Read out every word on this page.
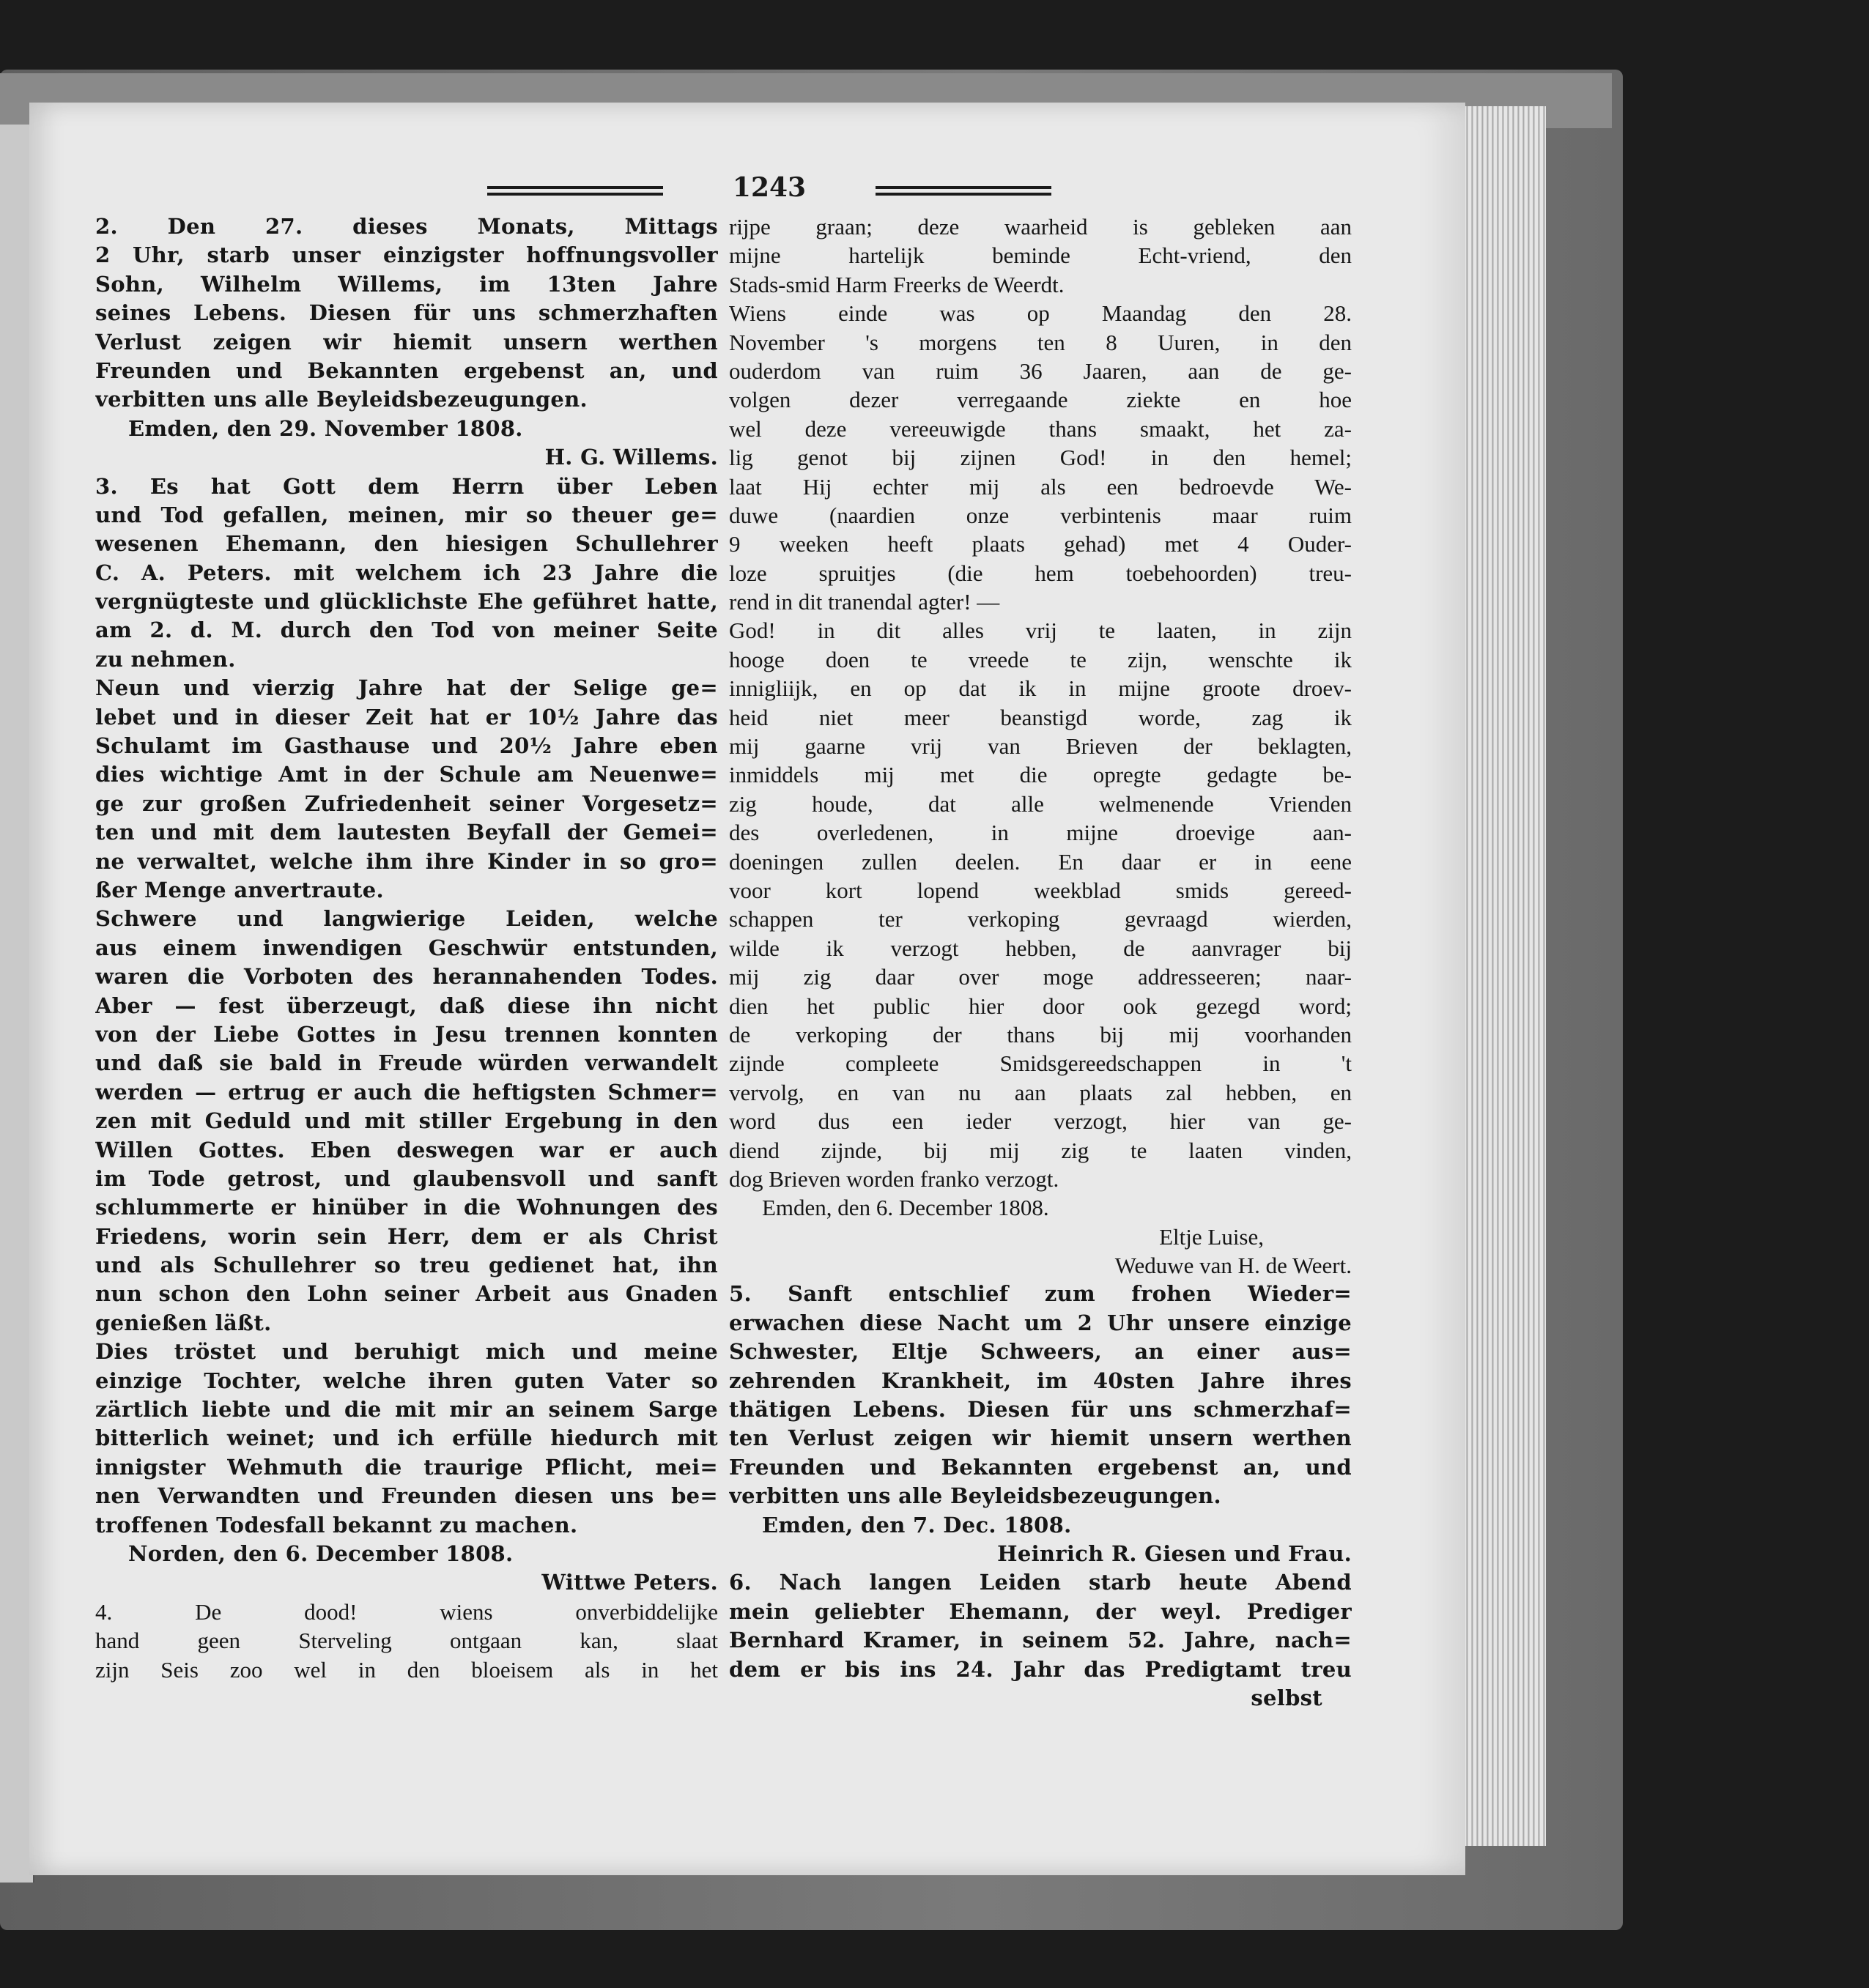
1243
2. Den 27. dieses Monats, Mittags
2 Uhr, starb unser einzigster hoffnungsvoller
Sohn, Wilhelm Willems, im 13ten Jahre
seines Lebens. Diesen für uns schmerzhaften
Verlust zeigen wir hiemit unsern werthen
Freunden und Bekannten ergebenst an, und
verbitten uns alle Beyleidsbezeugungen.
Emden, den 29. November 1808.
H. G. Willems.
3. Es hat Gott dem Herrn über Leben
und Tod gefallen, meinen, mir so theuer ge=
wesenen Ehemann, den hiesigen Schullehrer
C. A. Peters. mit welchem ich 23 Jahre die
vergnügteste und glücklichste Ehe geführet hatte,
am 2. d. M. durch den Tod von meiner Seite
zu nehmen.
Neun und vierzig Jahre hat der Selige ge=
lebet und in dieser Zeit hat er 10½ Jahre das
Schulamt im Gasthause und 20½ Jahre eben
dies wichtige Amt in der Schule am Neuenwe=
ge zur großen Zufriedenheit seiner Vorgesetz=
ten und mit dem lautesten Beyfall der Gemei=
ne verwaltet, welche ihm ihre Kinder in so gro=
ßer Menge anvertraute.
Schwere und langwierige Leiden, welche
aus einem inwendigen Geschwür entstunden,
waren die Vorboten des herannahenden Todes.
Aber — fest überzeugt, daß diese ihn nicht
von der Liebe Gottes in Jesu trennen konnten
und daß sie bald in Freude würden verwandelt
werden — ertrug er auch die heftigsten Schmer=
zen mit Geduld und mit stiller Ergebung in den
Willen Gottes. Eben deswegen war er auch
im Tode getrost, und glaubensvoll und sanft
schlummerte er hinüber in die Wohnungen des
Friedens, worin sein Herr, dem er als Christ
und als Schullehrer so treu gedienet hat, ihn
nun schon den Lohn seiner Arbeit aus Gnaden
genießen läßt.
Dies tröstet und beruhigt mich und meine
einzige Tochter, welche ihren guten Vater so
zärtlich liebte und die mit mir an seinem Sarge
bitterlich weinet; und ich erfülle hiedurch mit
innigster Wehmuth die traurige Pflicht, mei=
nen Verwandten und Freunden diesen uns be=
troffenen Todesfall bekannt zu machen.
Norden, den 6. December 1808.
Wittwe Peters.
4. De dood! wiens onverbiddelijke
hand geen Sterveling ontgaan kan, slaat
zijn Seis zoo wel in den bloeisem als in het
rijpe graan; deze waarheid is gebleken aan
mijne hartelijk beminde Echt-vriend, den
Stads-smid Harm Freerks de Weerdt.
Wiens einde was op Maandag den 28.
November 's morgens ten 8 Uuren, in den
ouderdom van ruim 36 Jaaren, aan de ge-
volgen dezer verregaande ziekte en hoe
wel deze vereeuwigde thans smaakt, het za-
lig genot bij zijnen God! in den hemel;
laat Hij echter mij als een bedroevde We-
duwe (naardien onze verbintenis maar ruim
9 weeken heeft plaats gehad) met 4 Ouder-
loze spruitjes (die hem toebehoorden) treu-
rend in dit tranendal agter! —
God! in dit alles vrij te laaten, in zijn
hooge doen te vreede te zijn, wenschte ik
innigliijk, en op dat ik in mijne groote droev-
heid niet meer beanstigd worde, zag ik
mij gaarne vrij van Brieven der beklagten,
inmiddels mij met die opregte gedagte be-
zig houde, dat alle welmenende Vrienden
des overledenen, in mijne droevige aan-
doeningen zullen deelen. En daar er in eene
voor kort lopend weekblad smids gereed-
schappen ter verkoping gevraagd wierden,
wilde ik verzogt hebben, de aanvrager bij
mij zig daar over moge addresseeren; naar-
dien het public hier door ook gezegd word;
de verkoping der thans bij mij voorhanden
zijnde compleete Smidsgereedschappen in 't
vervolg, en van nu aan plaats zal hebben, en
word dus een ieder verzogt, hier van ge-
diend zijnde, bij mij zig te laaten vinden,
dog Brieven worden franko verzogt.
Emden, den 6. December 1808.
Eltje Luise,
Weduwe van H. de Weert.
5. Sanft entschlief zum frohen Wieder=
erwachen diese Nacht um 2 Uhr unsere einzige
Schwester, Eltje Schweers, an einer aus=
zehrenden Krankheit, im 40sten Jahre ihres
thätigen Lebens. Diesen für uns schmerzhaf=
ten Verlust zeigen wir hiemit unsern werthen
Freunden und Bekannten ergebenst an, und
verbitten uns alle Beyleidsbezeugungen.
Emden, den 7. Dec. 1808.
Heinrich R. Giesen und Frau.
6. Nach langen Leiden starb heute Abend
mein geliebter Ehemann, der weyl. Prediger
Bernhard Kramer, in seinem 52. Jahre, nach=
dem er bis ins 24. Jahr das Predigtamt treu
selbst
